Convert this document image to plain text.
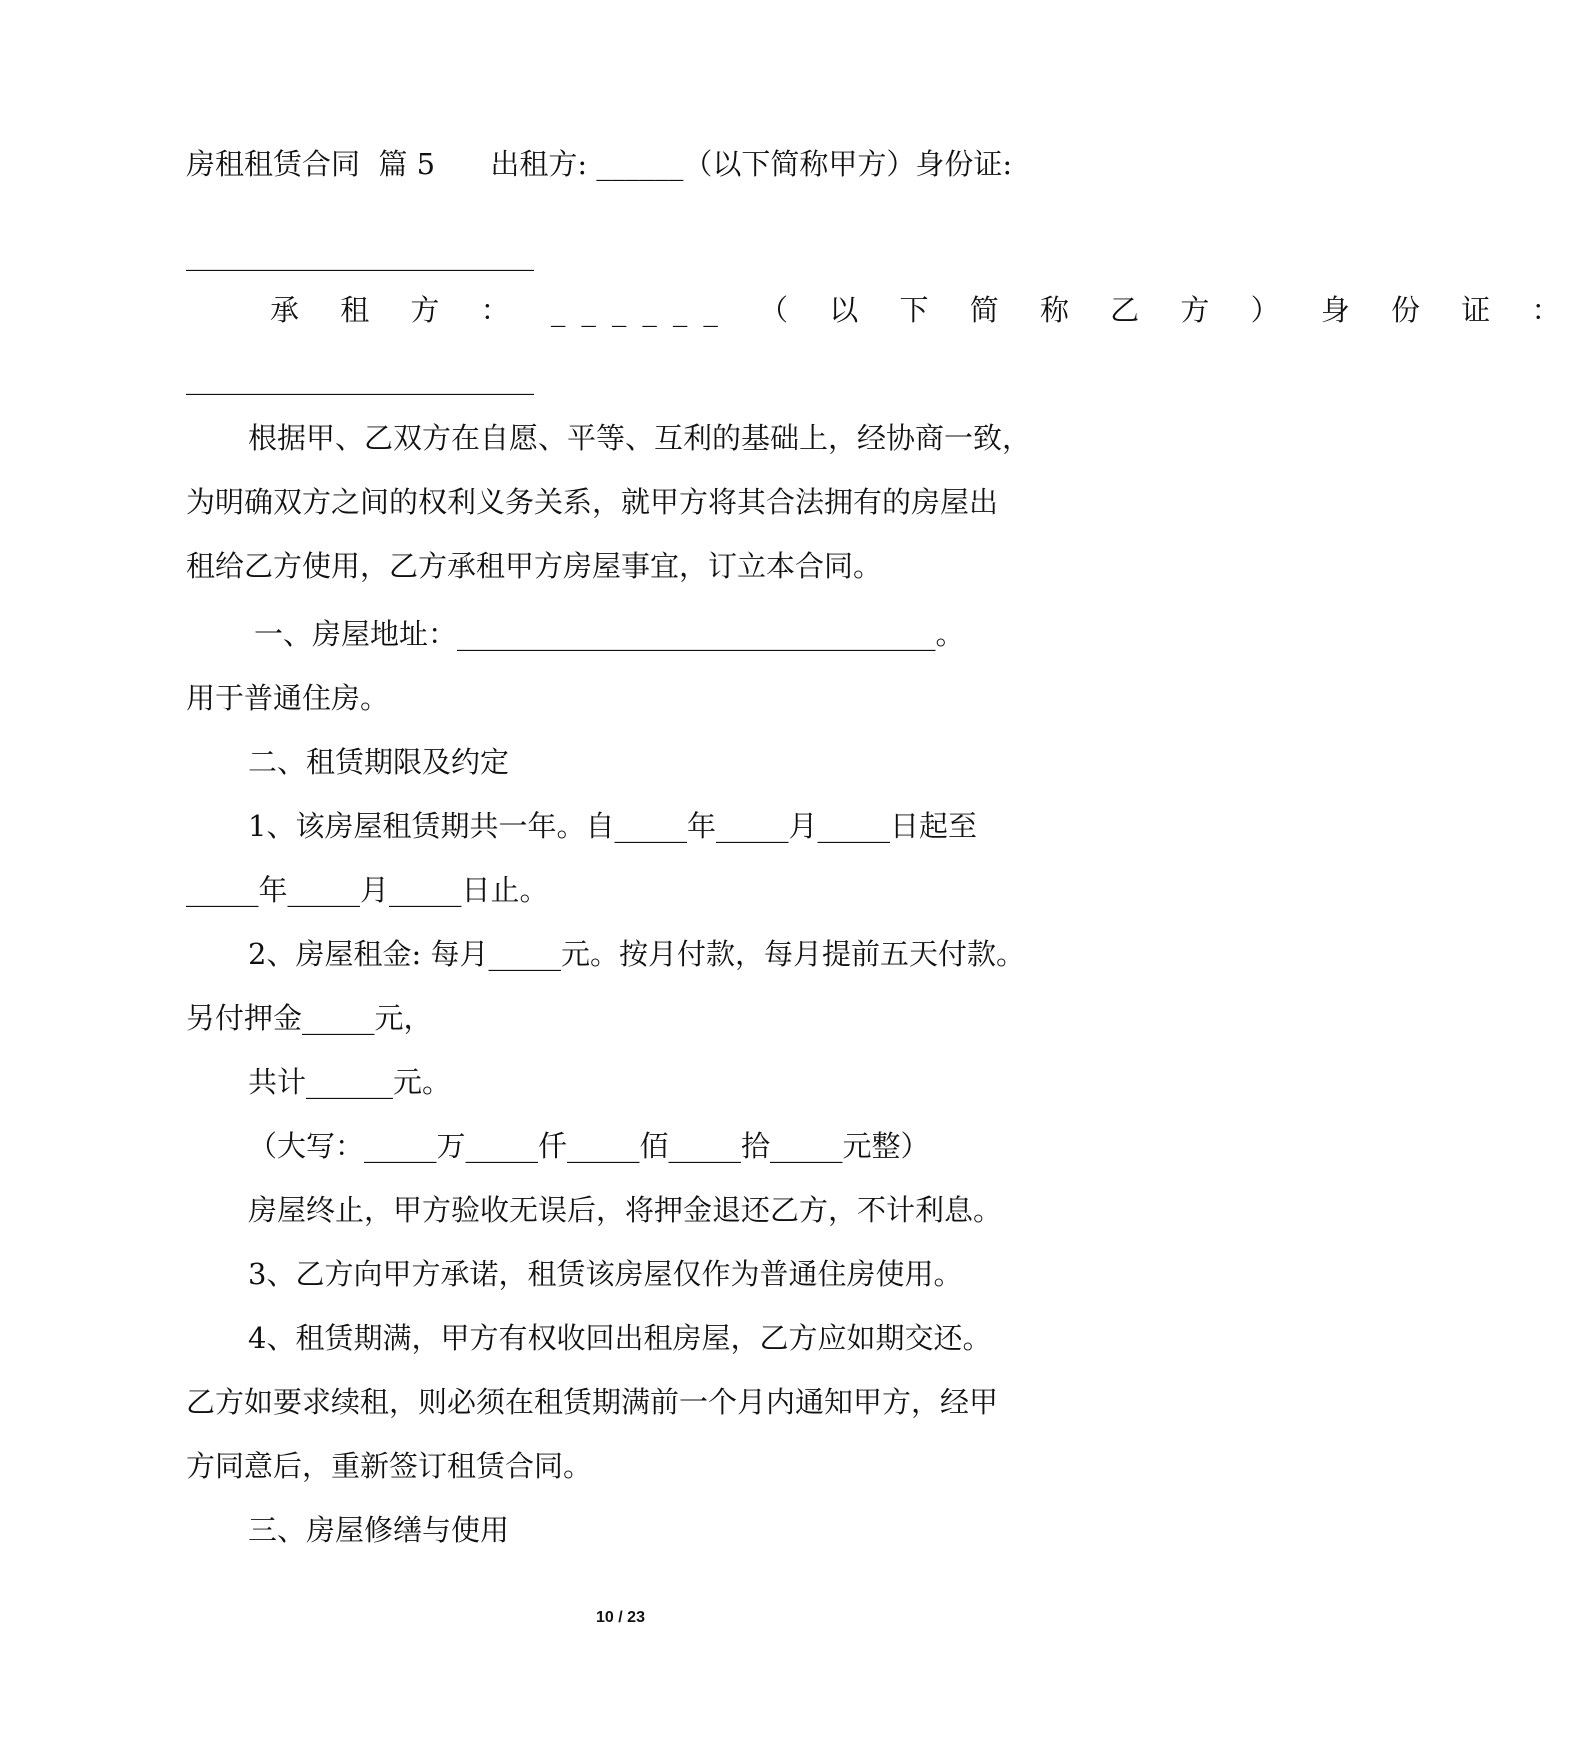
房租租赁合同  篇 5      出租方: ______（以下简称甲方）身份证:
________________________
承 租 方 ： ______ （ 以 下 简 称 乙 方 ） 身 份 证 ：
________________________
根据甲、乙双方在自愿、平等、互利的基础上，经协商一致，
为明确双方之间的权利义务关系，就甲方将其合法拥有的房屋出
租给乙方使用，乙方承租甲方房屋事宜，订立本合同。
一、房屋地址：_________________________________。
用于普通住房。
二、租赁期限及约定
1、该房屋租赁期共一年。自_____年_____月_____日起至
_____年_____月_____日止。
2、房屋租金: 每月_____元。按月付款，每月提前五天付款。
另付押金_____元，
共计______元。
（大写：_____万_____仟_____佰_____拾_____元整）
房屋终止，甲方验收无误后，将押金退还乙方，不计利息。
3、乙方向甲方承诺，租赁该房屋仅作为普通住房使用。
4、租赁期满，甲方有权收回出租房屋，乙方应如期交还。
乙方如要求续租，则必须在租赁期满前一个月内通知甲方，经甲
方同意后，重新签订租赁合同。
三、房屋修缮与使用
10 / 23
